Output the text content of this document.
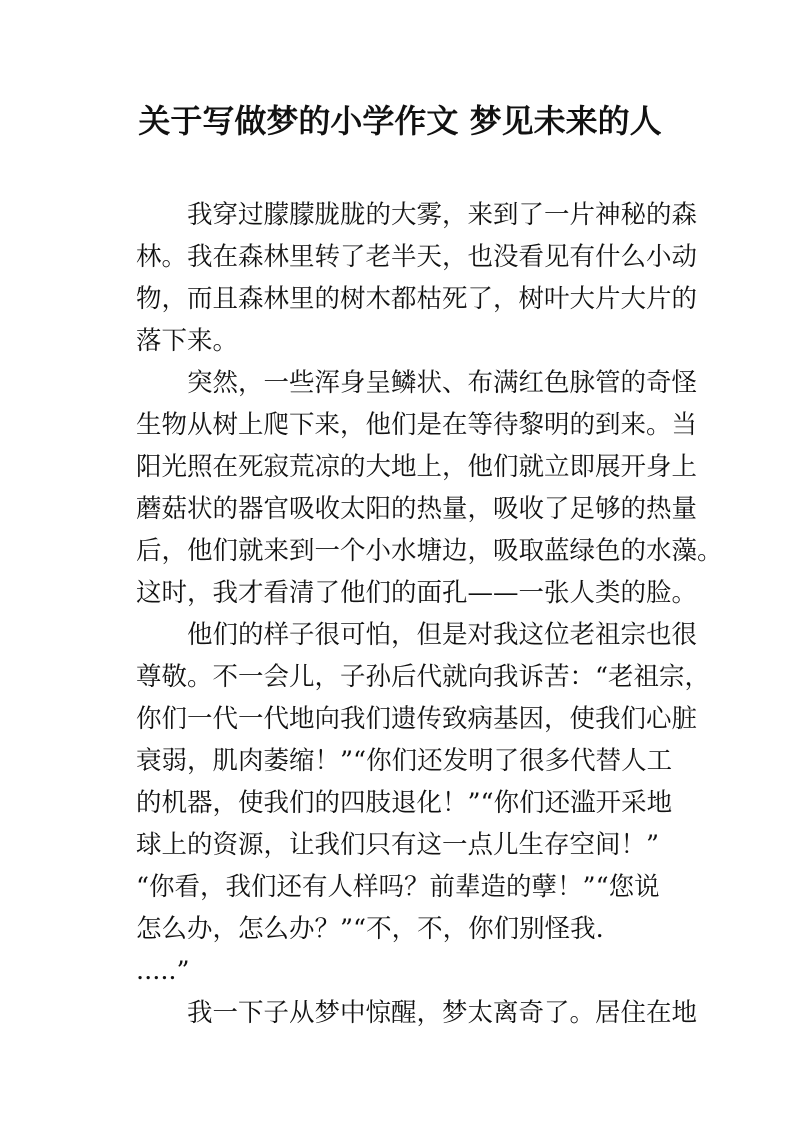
关于写做梦的小学作文 梦见未来的人
　　我穿过朦朦胧胧的大雾，来到了一片神秘的森
林。我在森林里转了老半天，也没看见有什么小动
物，而且森林里的树木都枯死了，树叶大片大片的
落下来。
　　突然，一些浑身呈鳞状、布满红色脉管的奇怪
生物从树上爬下来，他们是在等待黎明的到来。当
阳光照在死寂荒凉的大地上，他们就立即展开身上
蘑菇状的器官吸收太阳的热量，吸收了足够的热量
后，他们就来到一个小水塘边，吸取蓝绿色的水藻。
这时，我才看清了他们的面孔——一张人类的脸。
　　他们的样子很可怕，但是对我这位老祖宗也很
尊敬。不一会儿，子孙后代就向我诉苦：“老祖宗，
你们一代一代地向我们遗传致病基因，使我们心脏
衰弱，肌肉萎缩！”“你们还发明了很多代替人工
的机器，使我们的四肢退化！”“你们还滥开采地
球上的资源，让我们只有这一点儿生存空间！”
“你看，我们还有人样吗？前辈造的孽！”“您说
怎么办，怎么办？”“不，不，你们别怪我.
.....”
　　我一下子从梦中惊醒，梦太离奇了。居住在地
